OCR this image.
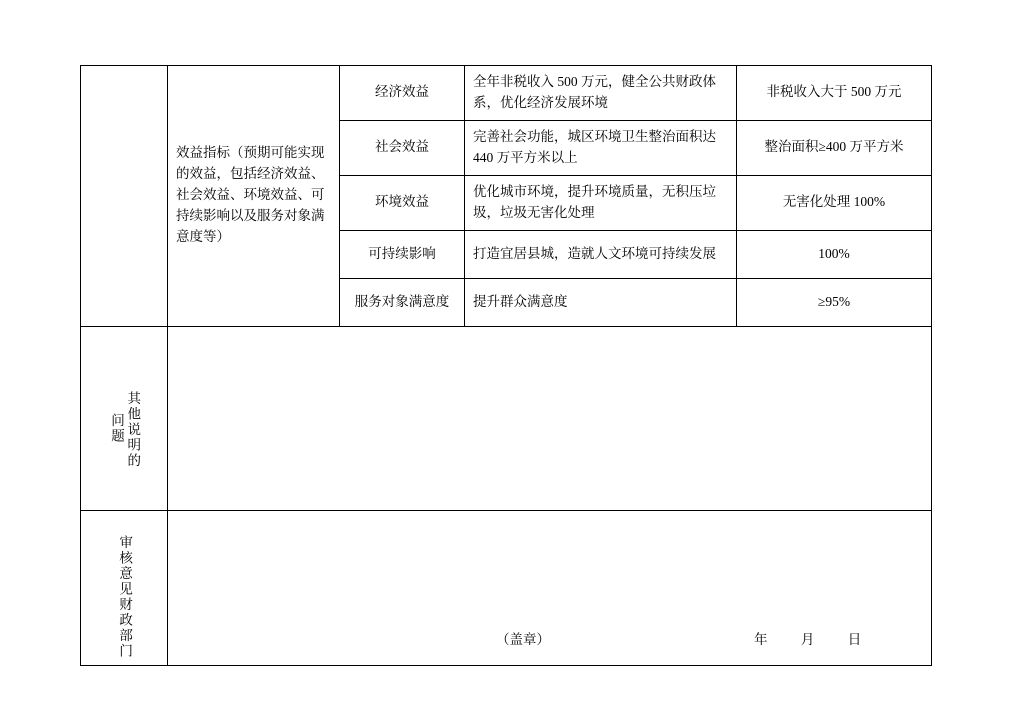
	效益指标（预期可能实现的效益，包括经济效益、社会效益、环境效益、可持续影响以及服务对象满意度等）	经济效益	全年非税收入 500 万元，健全公共财政体系，优化经济发展环境	非税收入大于 500 万元
		社会效益	完善社会功能，城区环境卫生整治面积达 440 万平方米以上	整治面积≥400 万平方米
		环境效益	优化城市环境，提升环境质量，无积压垃圾，垃圾无害化处理	无害化处理 100%
		可持续影响	打造宜居县城，造就人文环境可持续发展	100%
		服务对象满意度	提升群众满意度	≥95%

其他说明的
问题				

审核意见财政部门	（盖章） 年 月 日			
